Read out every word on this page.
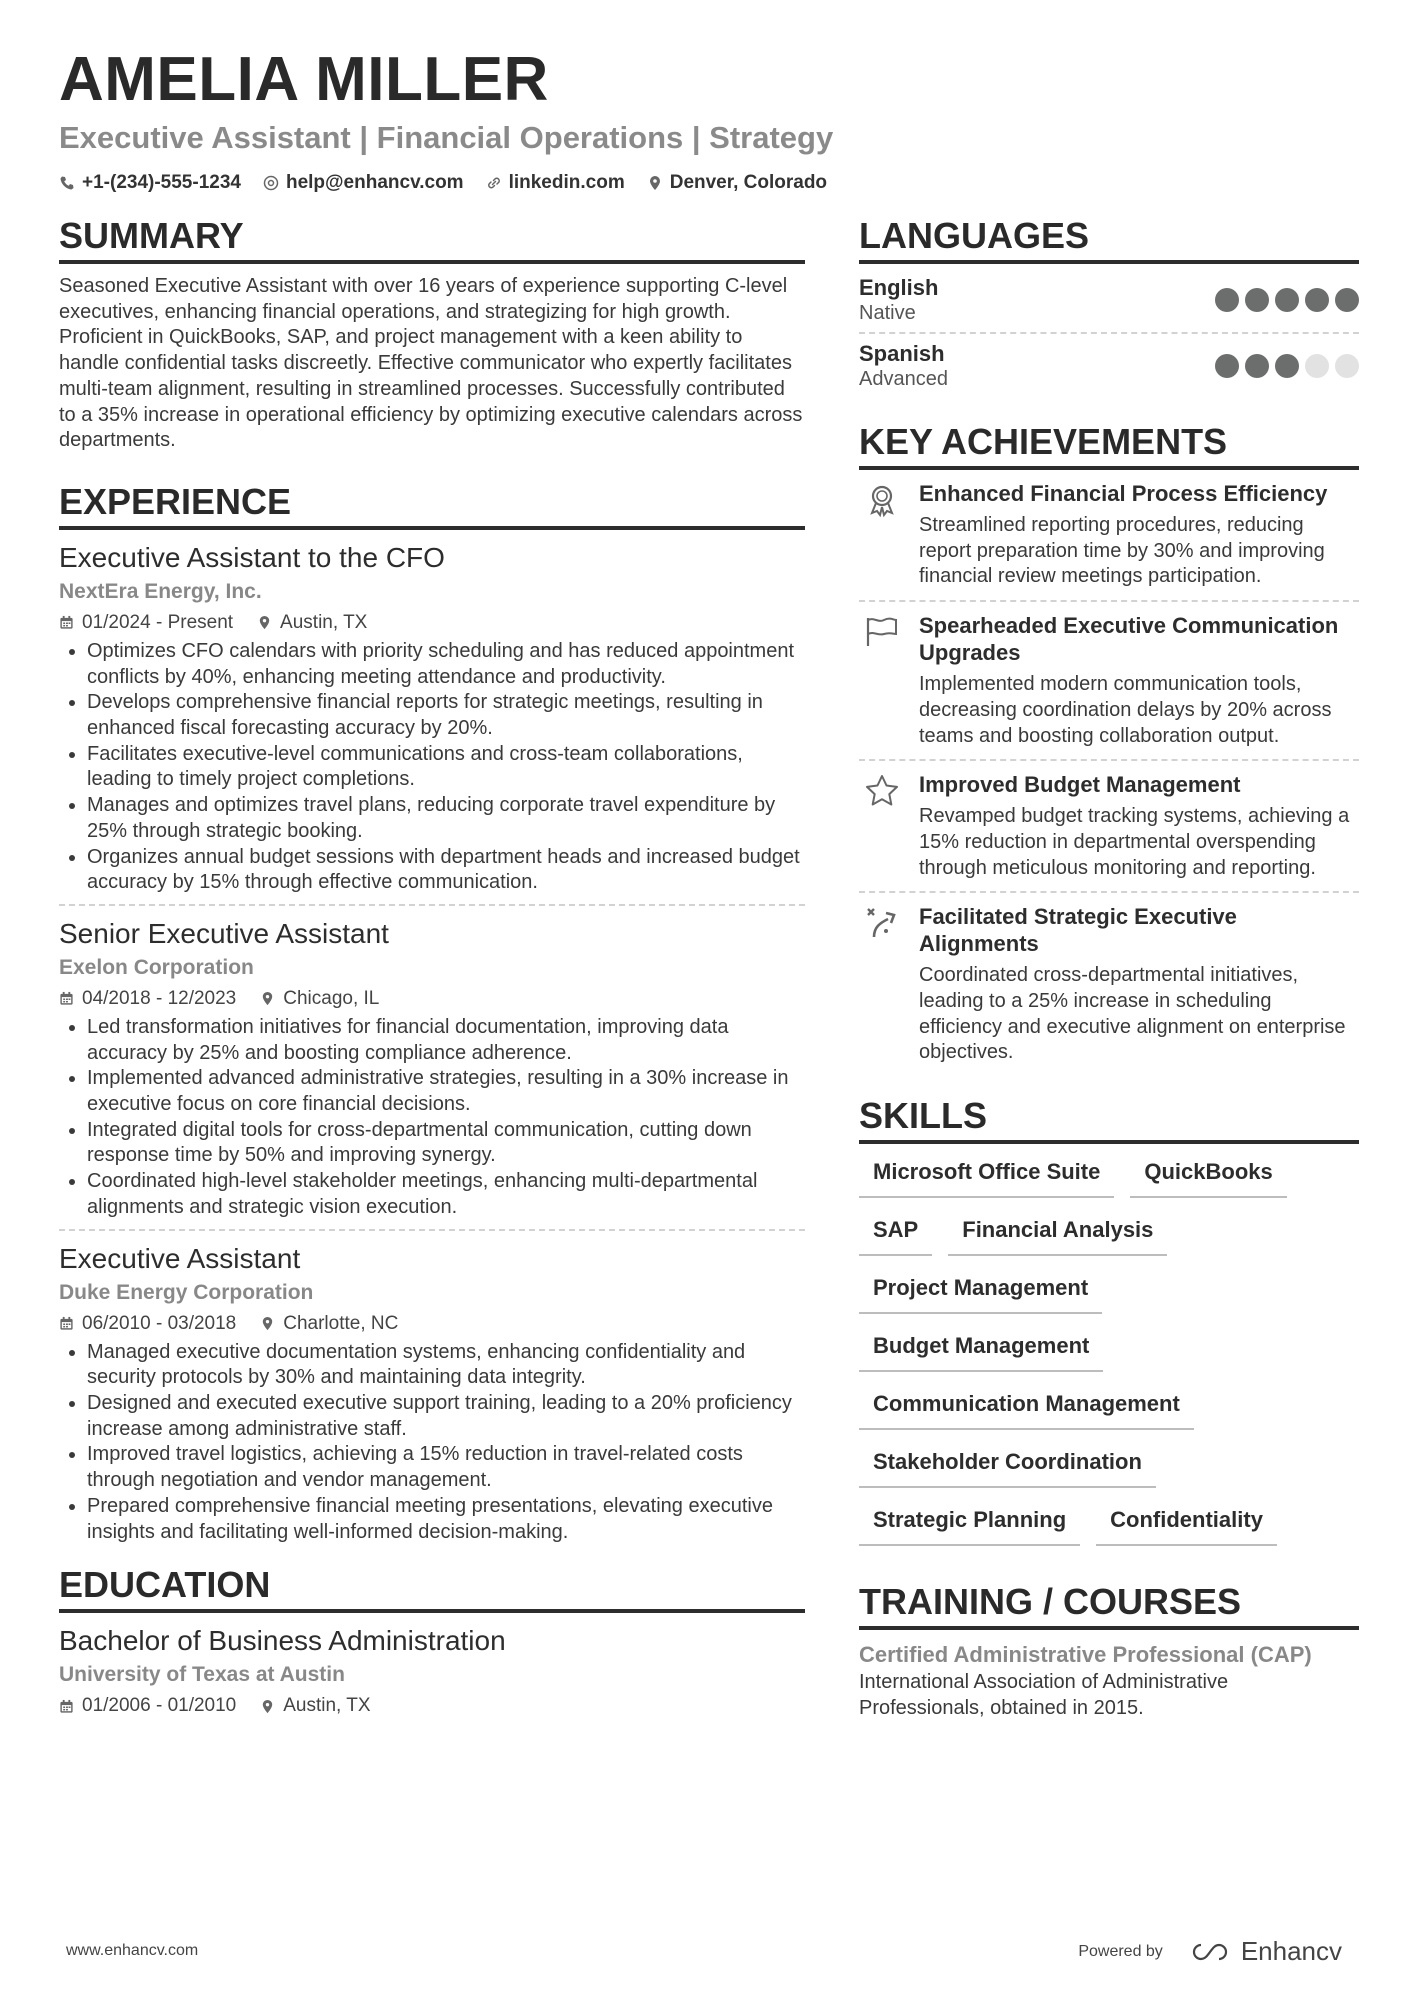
AMELIA MILLER
Executive Assistant | Financial Operations | Strategy
+1-(234)-555-1234 help@enhancv.com linkedin.com Denver, Colorado
SUMMARY
Seasoned Executive Assistant with over 16 years of experience supporting C-level executives, enhancing financial operations, and strategizing for high growth. Proficient in QuickBooks, SAP, and project management with a keen ability to handle confidential tasks discreetly. Effective communicator who expertly facilitates multi-team alignment, resulting in streamlined processes. Successfully contributed to a 35% increase in operational efficiency by optimizing executive calendars across departments.
EXPERIENCE
Executive Assistant to the CFO
NextEra Energy, Inc.
01/2024 - Present Austin, TX
• Optimizes CFO calendars with priority scheduling and has reduced appointment conflicts by 40%, enhancing meeting attendance and productivity.
• Develops comprehensive financial reports for strategic meetings, resulting in enhanced fiscal forecasting accuracy by 20%.
• Facilitates executive-level communications and cross-team collaborations, leading to timely project completions.
• Manages and optimizes travel plans, reducing corporate travel expenditure by 25% through strategic booking.
• Organizes annual budget sessions with department heads and increased budget accuracy by 15% through effective communication.
Senior Executive Assistant
Exelon Corporation
04/2018 - 12/2023 Chicago, IL
• Led transformation initiatives for financial documentation, improving data accuracy by 25% and boosting compliance adherence.
• Implemented advanced administrative strategies, resulting in a 30% increase in executive focus on core financial decisions.
• Integrated digital tools for cross-departmental communication, cutting down response time by 50% and improving synergy.
• Coordinated high-level stakeholder meetings, enhancing multi-departmental alignments and strategic vision execution.
Executive Assistant
Duke Energy Corporation
06/2010 - 03/2018 Charlotte, NC
• Managed executive documentation systems, enhancing confidentiality and security protocols by 30% and maintaining data integrity.
• Designed and executed executive support training, leading to a 20% proficiency increase among administrative staff.
• Improved travel logistics, achieving a 15% reduction in travel-related costs through negotiation and vendor management.
• Prepared comprehensive financial meeting presentations, elevating executive insights and facilitating well-informed decision-making.
EDUCATION
Bachelor of Business Administration
University of Texas at Austin
01/2006 - 01/2010 Austin, TX
LANGUAGES
English
Native
Spanish
Advanced
KEY ACHIEVEMENTS
Enhanced Financial Process Efficiency
Streamlined reporting procedures, reducing report preparation time by 30% and improving financial review meetings participation.
Spearheaded Executive Communication Upgrades
Implemented modern communication tools, decreasing coordination delays by 20% across teams and boosting collaboration output.
Improved Budget Management
Revamped budget tracking systems, achieving a 15% reduction in departmental overspending through meticulous monitoring and reporting.
Facilitated Strategic Executive Alignments
Coordinated cross-departmental initiatives, leading to a 25% increase in scheduling efficiency and executive alignment on enterprise objectives.
SKILLS
Microsoft Office Suite	QuickBooks
SAP	Financial Analysis
Project Management
Budget Management
Communication Management
Stakeholder Coordination
Strategic Planning	Confidentiality
TRAINING / COURSES
Certified Administrative Professional (CAP)
International Association of Administrative Professionals, obtained in 2015.
www.enhancv.com	Powered by	Enhancv
